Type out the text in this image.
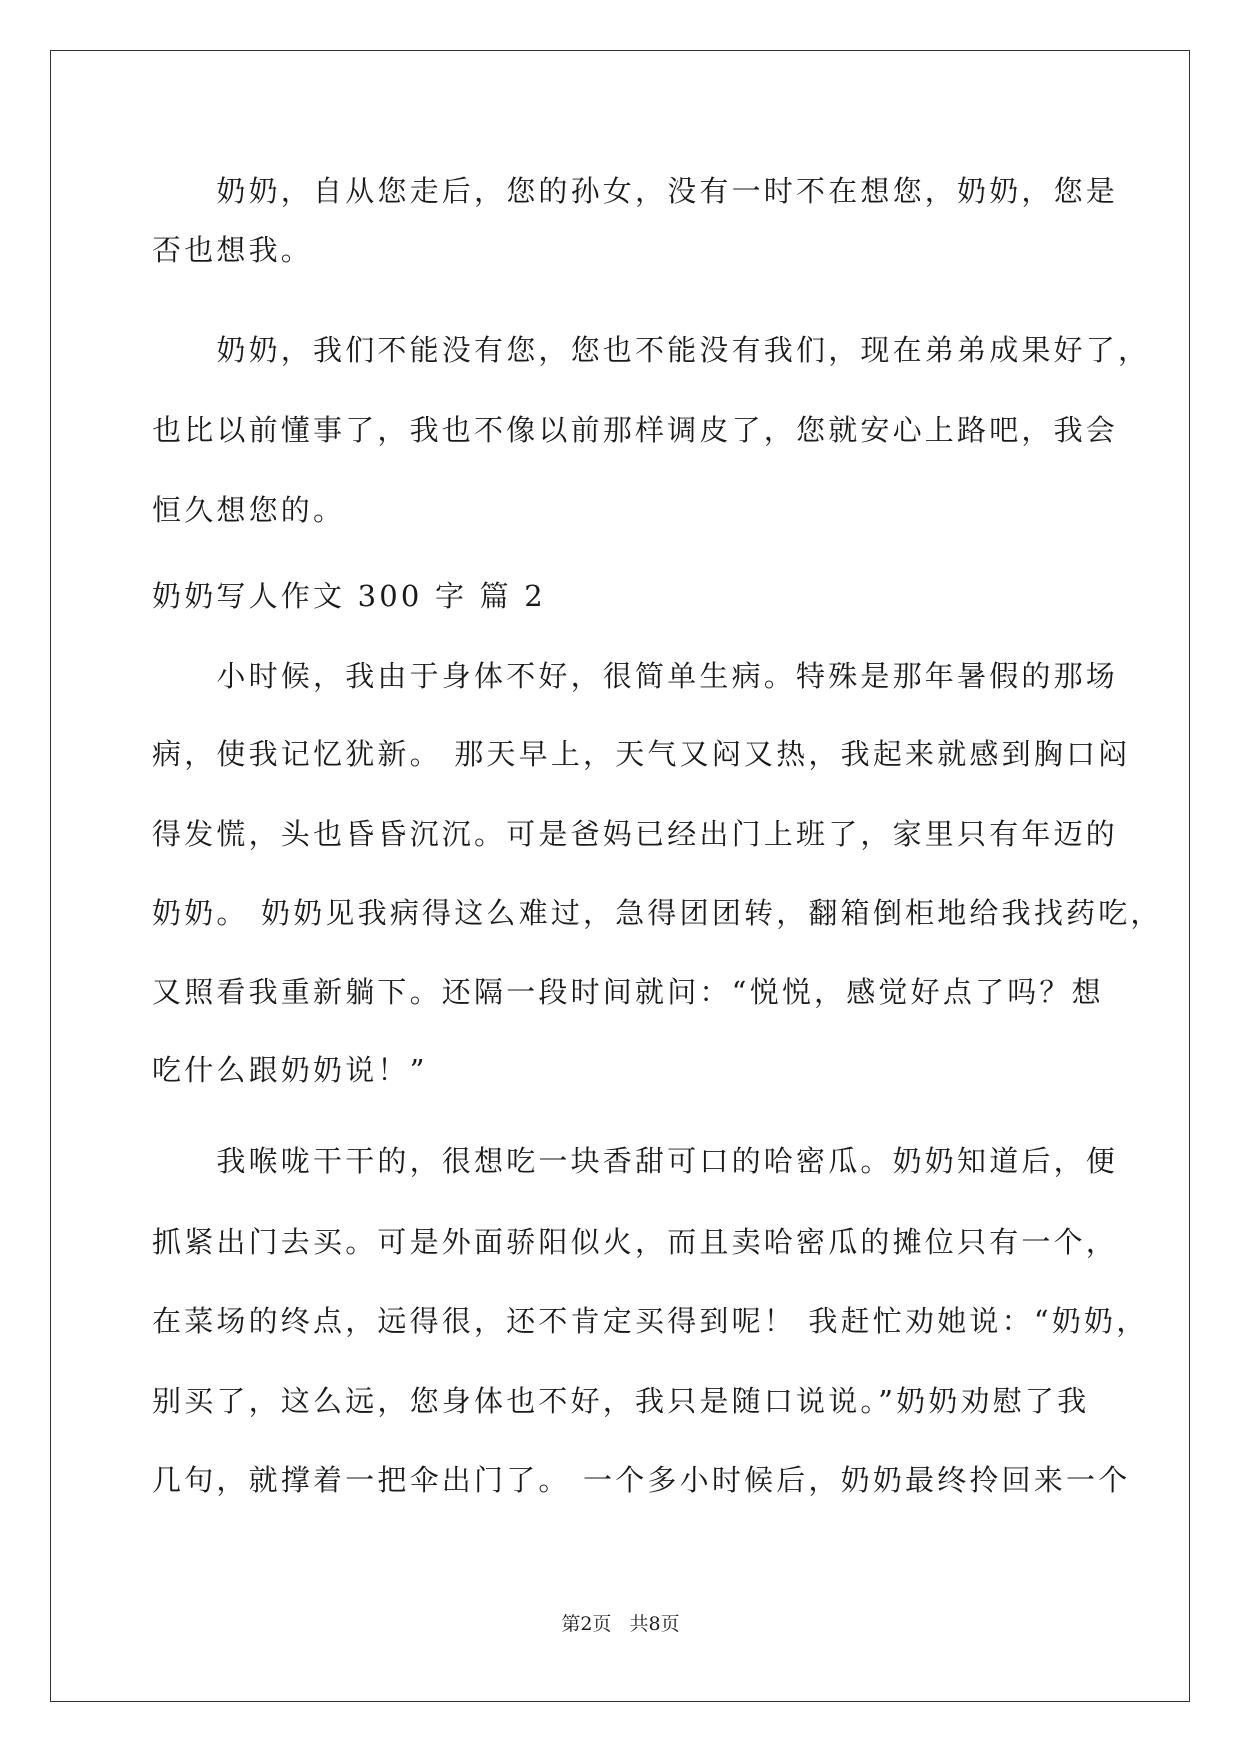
　　奶奶，自从您走后，您的孙女，没有一时不在想您，奶奶，您是
否也想我。
　　奶奶，我们不能没有您，您也不能没有我们，现在弟弟成果好了，
也比以前懂事了，我也不像以前那样调皮了，您就安心上路吧，我会
恒久想您的。
奶奶写人作文 300 字 篇 2
　　小时候，我由于身体不好，很简单生病。特殊是那年暑假的那场
病，使我记忆犹新。 那天早上，天气又闷又热，我起来就感到胸口闷
得发慌，头也昏昏沉沉。可是爸妈已经出门上班了，家里只有年迈的
奶奶。 奶奶见我病得这么难过，急得团团转，翻箱倒柜地给我找药吃，
又照看我重新躺下。还隔一段时间就问：“悦悦，感觉好点了吗？想
吃什么跟奶奶说！”
　　我喉咙干干的，很想吃一块香甜可口的哈密瓜。奶奶知道后，便
抓紧出门去买。可是外面骄阳似火，而且卖哈密瓜的摊位只有一个，
在菜场的终点，远得很，还不肯定买得到呢！ 我赶忙劝她说：“奶奶，
别买了，这么远，您身体也不好，我只是随口说说。”奶奶劝慰了我
几句，就撑着一把伞出门了。 一个多小时候后，奶奶最终拎回来一个
第2页   共8页
